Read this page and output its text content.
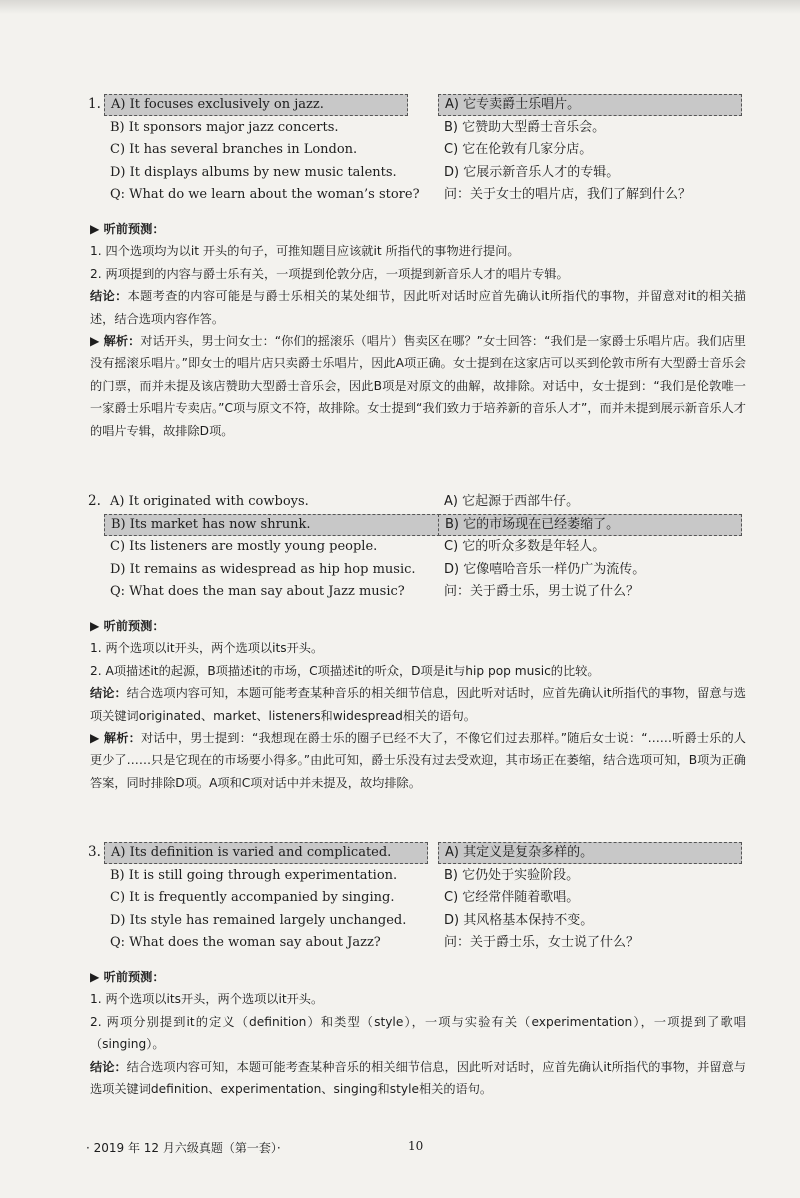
1. A) It focuses exclusively on jazz.
B) It sponsors major jazz concerts.
C) It has several branches in London.
D) It displays albums by new music talents.
Q: What do we learn about the woman’s store?
A) 它专卖爵士乐唱片。
B) 它赞助大型爵士音乐会。
C) 它在伦敦有几家分店。
D) 它展示新音乐人才的专辑。
问：关于女士的唱片店，我们了解到什么？

▶ 听前预测：

1. 四个选项均为以it 开头的句子，可推知题目应该就it 所指代的事物进行提问。

2. 两项提到的内容与爵士乐有关，一项提到伦敦分店，一项提到新音乐人才的唱片专辑。

结论：本题考查的内容可能是与爵士乐相关的某处细节，因此听对话时应首先确认it所指代的事物，并留意对it的相关描述，结合选项内容作答。

▶ 解析：对话开头，男士问女士：“你们的摇滚乐（唱片）售卖区在哪？”女士回答：“我们是一家爵士乐唱片店。我们店里没有摇滚乐唱片。”即女士的唱片店只卖爵士乐唱片，因此A项正确。女士提到在这家店可以买到伦敦市所有大型爵士音乐会的门票，而并未提及该店赞助大型爵士音乐会，因此B项是对原文的曲解，故排除。对话中，女士提到：“我们是伦敦唯一一家爵士乐唱片专卖店。”C项与原文不符，故排除。女士提到“我们致力于培养新的音乐人才”，而并未提到展示新音乐人才的唱片专辑，故排除D项。

2. A) It originated with cowboys.
B) Its market has now shrunk.
C) Its listeners are mostly young people.
D) It remains as widespread as hip hop music.
Q: What does the man say about Jazz music?
A) 它起源于西部牛仔。
B) 它的市场现在已经萎缩了。
C) 它的听众多数是年轻人。
D) 它像嘻哈音乐一样仍广为流传。
问：关于爵士乐，男士说了什么？

▶ 听前预测：

1. 两个选项以it开头，两个选项以its开头。

2. A项描述it的起源，B项描述it的市场，C项描述it的听众，D项是it与hip pop music的比较。

结论：结合选项内容可知，本题可能考查某种音乐的相关细节信息，因此听对话时，应首先确认it所指代的事物，留意与选项关键词originated、market、listeners和widespread相关的语句。

▶ 解析：对话中，男士提到：“我想现在爵士乐的圈子已经不大了，不像它们过去那样。”随后女士说：“……听爵士乐的人更少了……只是它现在的市场要小得多。”由此可知，爵士乐没有过去受欢迎，其市场正在萎缩，结合选项可知，B项为正确答案，同时排除D项。A项和C项对话中并未提及，故均排除。

3. A) Its definition is varied and complicated.
B) It is still going through experimentation.
C) It is frequently accompanied by singing.
D) Its style has remained largely unchanged.
Q: What does the woman say about Jazz?
A) 其定义是复杂多样的。
B) 它仍处于实验阶段。
C) 它经常伴随着歌唱。
D) 其风格基本保持不变。
问：关于爵士乐，女士说了什么？

▶ 听前预测：

1. 两个选项以its开头，两个选项以it开头。

2. 两项分别提到it的定义（definition）和类型（style），一项与实验有关（experimentation），一项提到了歌唱（singing）。

结论：结合选项内容可知，本题可能考查某种音乐的相关细节信息，因此听对话时，应首先确认it所指代的事物，并留意与选项关键词definition、experimentation、singing和style相关的语句。

· 2019 年 12 月六级真题（第一套）·	10
